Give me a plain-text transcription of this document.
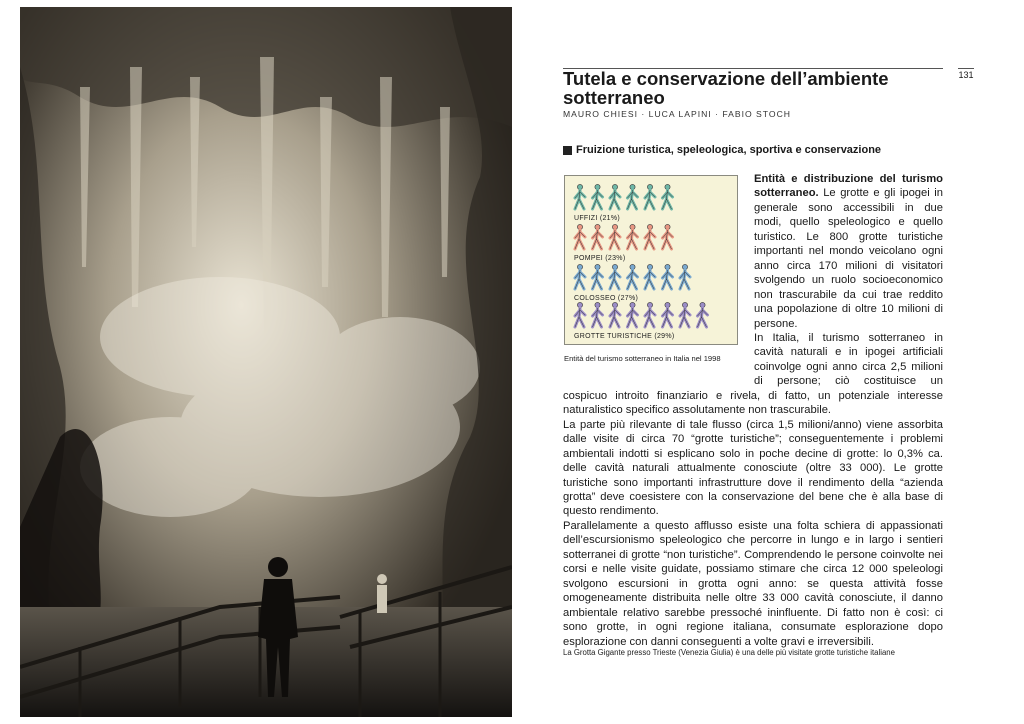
131
Tutela e conservazione dell’ambiente sotterraneo
MAURO CHIESI · LUCA LAPINI · FABIO STOCH
Fruizione turistica, speleologica, sportiva e conservazione
UFFIZI (21%)
POMPEI (23%)
COLOSSEO (27%)
GROTTE TURISTICHE (29%)
Entità del turismo sotterraneo in Italia nel 1998

Entità e distribuzione del turismo sotterraneo. Le grotte e gli ipogei in generale sono accessibili in due modi, quello speleologico e quello turistico. Le 800 grotte turistiche importanti nel mondo veicolano ogni anno circa 170 milioni di visitatori svolgendo un ruolo socioeconomico non trascurabile da cui trae reddito una popolazione di oltre 10 milioni di persone.

In Italia, il turismo sotterraneo in cavità naturali e in ipogei artificiali coinvolge ogni anno circa 2,5 milioni di persone; ciò costituisce un cospicuo introito finanziario e rivela, di fatto, un potenziale interesse naturalistico specifico assolutamente non trascurabile.

La parte più rilevante di tale flusso (circa 1,5 milioni/anno) viene assorbita dalle visite di circa 70 “grotte turistiche”; conseguentemente i problemi ambientali indotti si esplicano solo in poche decine di grotte: lo 0,3% ca. delle cavità naturali attualmente conosciute (oltre 33 000). Le grotte turistiche sono importanti infrastrutture dove il rendimento della “azienda grotta” deve coesistere con la conservazione del bene che è alla base di questo rendimento.

Parallelamente a questo afflusso esiste una folta schiera di appassionati dell’escursionismo speleologico che percorre in lungo e in largo i sentieri sotterranei di grotte “non turistiche”. Comprendendo le persone coinvolte nei corsi e nelle visite guidate, possiamo stimare che circa 12 000 speleologi svolgono escursioni in grotta ogni anno: se questa attività fosse omogeneamente distribuita nelle oltre 33 000 cavità conosciute, il danno ambientale relativo sarebbe pressoché ininfluente. Di fatto non è così: ci sono grotte, in ogni regione italiana, consumate esplorazione dopo esplorazione con danni conseguenti a volte gravi e irreversibili.

La Grotta Gigante presso Trieste (Venezia Giulia) è una delle più visitate grotte turistiche italiane
